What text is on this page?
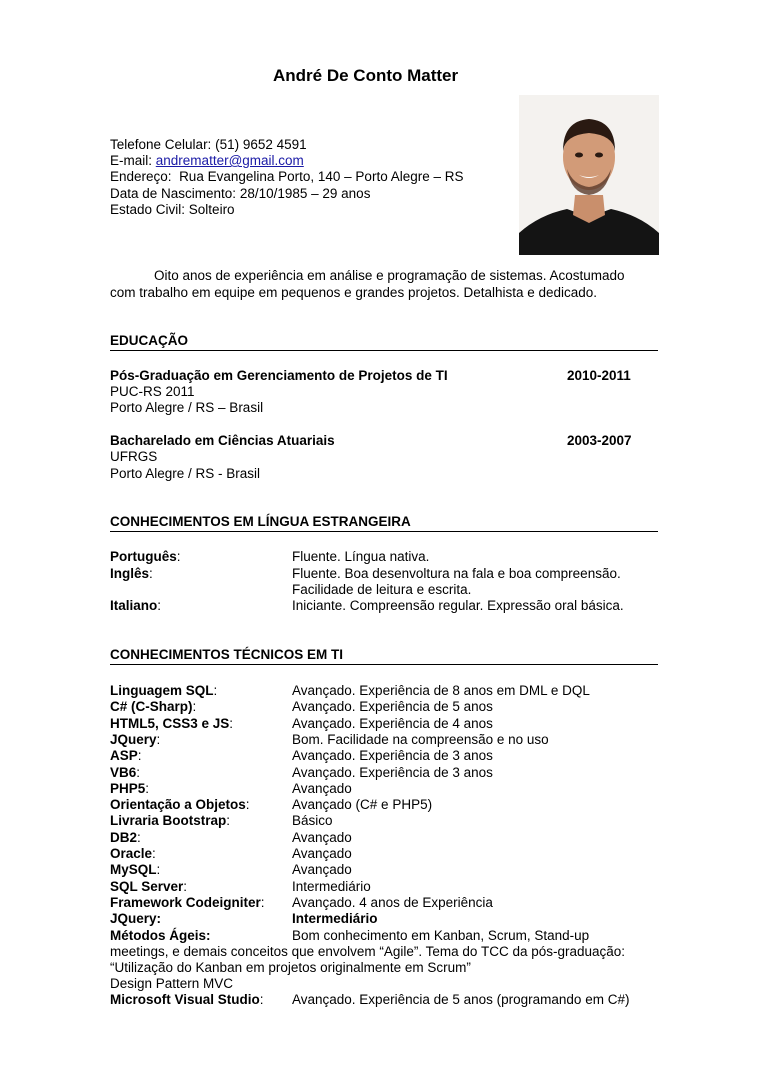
André De Conto Matter
Telefone Celular: (51) 9652 4591
E-mail: andrematter@gmail.com
Endereço: Rua Evangelina Porto, 140 – Porto Alegre – RS
Data de Nascimento: 28/10/1985 – 29 anos
Estado Civil: Solteiro
Oito anos de experiência em análise e programação de sistemas. Acostumado
com trabalho em equipe em pequenos e grandes projetos. Detalhista e dedicado.
EDUCAÇÃO
Pós-Graduação em Gerenciamento de Projetos de TI	2010-2011
PUC-RS 2011
Porto Alegre / RS – Brasil
Bacharelado em Ciências Atuariais	2003-2007
UFRGS
Porto Alegre / RS - Brasil
CONHECIMENTOS EM LÍNGUA ESTRANGEIRA
Português:	Fluente. Língua nativa.
Inglês:	Fluente. Boa desenvoltura na fala e boa compreensão.
Facilidade de leitura e escrita.
Italiano:	Iniciante. Compreensão regular. Expressão oral básica.
CONHECIMENTOS TÉCNICOS EM TI
Linguagem SQL:	Avançado. Experiência de 8 anos em DML e DQL
C# (C-Sharp):	Avançado. Experiência de 5 anos
HTML5, CSS3 e JS:	Avançado. Experiência de 4 anos
JQuery:	Bom. Facilidade na compreensão e no uso
ASP:	Avançado. Experiência de 3 anos
VB6:	Avançado. Experiência de 3 anos
PHP5:	Avançado
Orientação a Objetos:	Avançado (C# e PHP5)
Livraria Bootstrap:	Básico
DB2:	Avançado
Oracle:	Avançado
MySQL:	Avançado
SQL Server:	Intermediário
Framework Codeigniter: Avançado. 4 anos de Experiência
JQuery:	Intermediário
Métodos Ágeis:	Bom conhecimento em Kanban, Scrum, Stand-up
meetings, e demais conceitos que envolvem “Agile”. Tema do TCC da pós-graduação:
“Utilização do Kanban em projetos originalmente em Scrum”
Design Pattern MVC
Microsoft Visual Studio: Avançado. Experiência de 5 anos (programando em C#)
